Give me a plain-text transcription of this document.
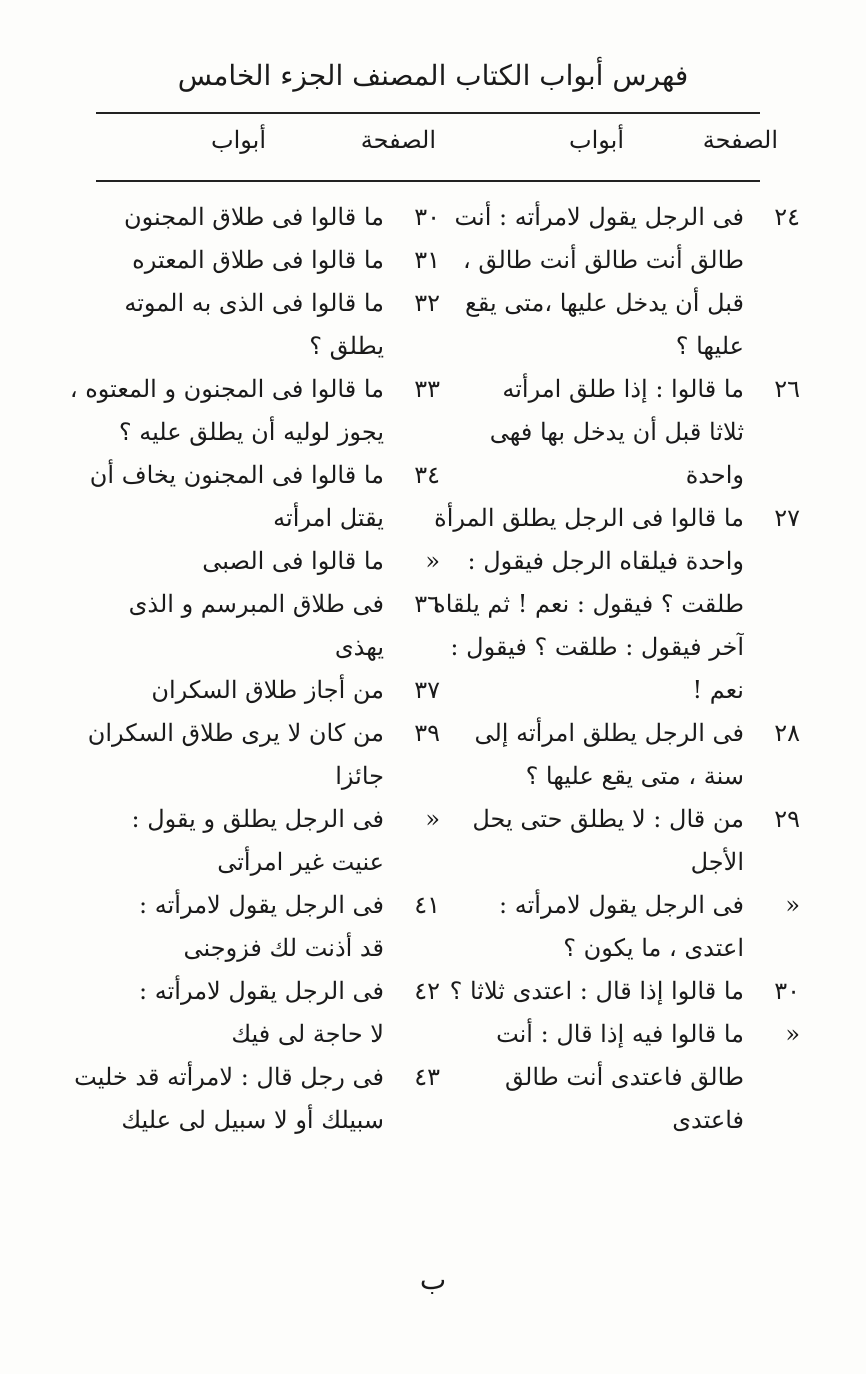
فهرس أبواب الكتاب المصنف الجزء الخامس
الصفحة
أبواب
الصفحة
أبواب
٢٤
فى الرجل يقول لامرأته : أنت
طالق أنت طالق أنت طالق ،
قبل أن يدخل عليها ،متى يقع
عليها ؟
٢٦
ما قالوا : إذا طلق امرأته
ثلاثا قبل أن يدخل بها فهى
واحدة
٢٧
ما قالوا فى الرجل يطلق المرأة
واحدة فيلقاه الرجل فيقول :
طلقت ؟ فيقول : نعم ! ثم يلقاه
آخر فيقول : طلقت ؟ فيقول :
نعم !
٢٨
فى الرجل يطلق امرأته إلى
سنة ، متى يقع عليها ؟
٢٩
من قال : لا يطلق حتى يحل
الأجل
«
فى الرجل يقول لامرأته :
اعتدى ، ما يكون ؟
٣٠
ما قالوا إذا قال : اعتدى ثلاثا ؟
«
ما قالوا فيه إذا قال : أنت
طالق فاعتدى أنت طالق
فاعتدى
٣٠
ما قالوا فى طلاق المجنون
٣١
ما قالوا فى طلاق المعتره
٣٢
ما قالوا فى الذى به الموته
يطلق ؟
٣٣
ما قالوا فى المجنون و المعتوه ،
يجوز لوليه أن يطلق عليه ؟
٣٤
ما قالوا فى المجنون يخاف أن
يقتل امرأته
«
ما قالوا فى الصبى
٣٦
فى طلاق المبرسم و الذى
يهذى
٣٧
من أجاز طلاق السكران
٣٩
من كان لا يرى طلاق السكران
جائزا
«
فى الرجل يطلق و يقول :
عنيت غير امرأتى
٤١
فى الرجل يقول لامرأته :
قد أذنت لك فزوجنى
٤٢
فى الرجل يقول لامرأته :
لا حاجة لى فيك
٤٣
فى رجل قال : لامرأته قد خليت
سبيلك أو لا سبيل لى عليك
ب
